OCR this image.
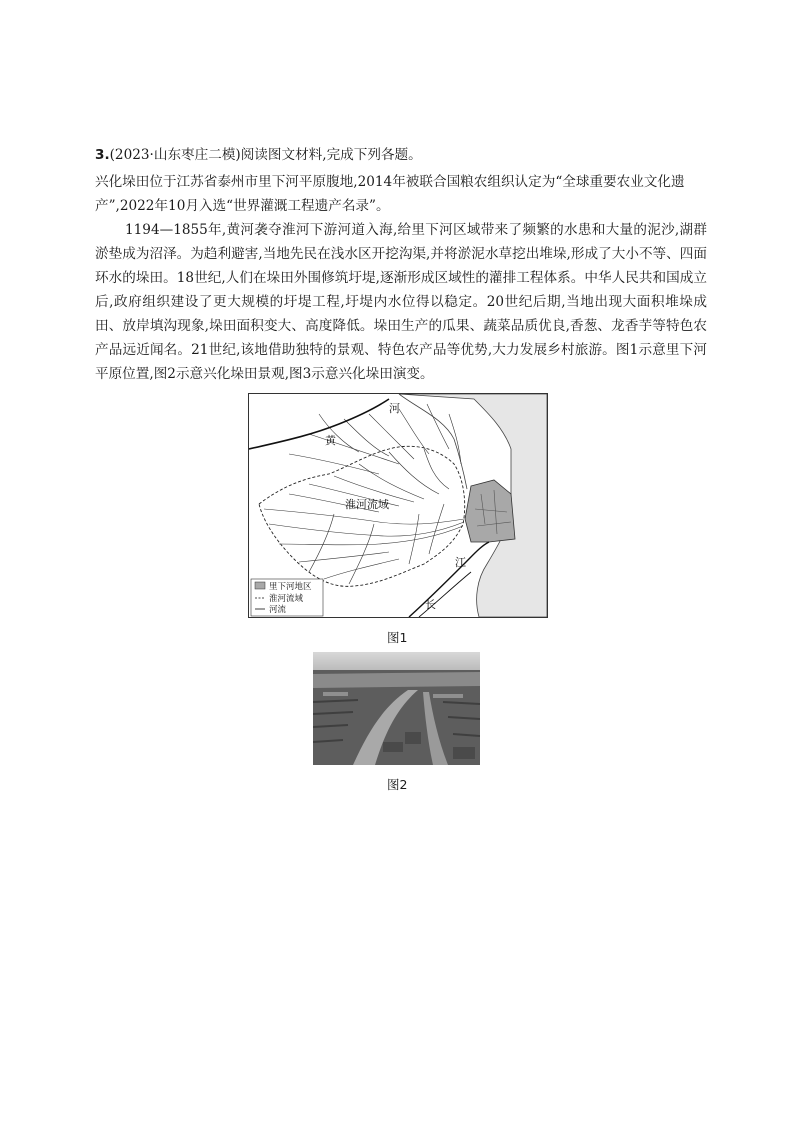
3.(2023·山东枣庄二模)阅读图文材料,完成下列各题。

兴化垛田位于江苏省泰州市里下河平原腹地,2014年被联合国粮农组织认定为“全球重要农业文化遗产”,2022年10月入选“世界灌溉工程遗产名录”。

1194—1855年,黄河袭夺淮河下游河道入海,给里下河区域带来了频繁的水患和大量的泥沙,湖群淤垫成为沼泽。为趋利避害,当地先民在浅水区开挖沟渠,并将淤泥水草挖出堆垛,形成了大小不等、四面环水的垛田。18世纪,人们在垛田外围修筑圩堤,逐渐形成区域性的灌排工程体系。中华人民共和国成立后,政府组织建设了更大规模的圩堤工程,圩堤内水位得以稳定。20世纪后期,当地出现大面积堆垛成田、放岸填沟现象,垛田面积变大、高度降低。垛田生产的瓜果、蔬菜品质优良,香葱、龙香芋等特色农产品远近闻名。21世纪,该地借助独特的景观、特色农产品等优势,大力发展乡村旅游。图1示意里下河平原位置,图2示意兴化垛田景观,图3示意兴化垛田演变。

河
黄
淮河流域
江
长
里下河地区
淮河流域
河流
图1
图2
